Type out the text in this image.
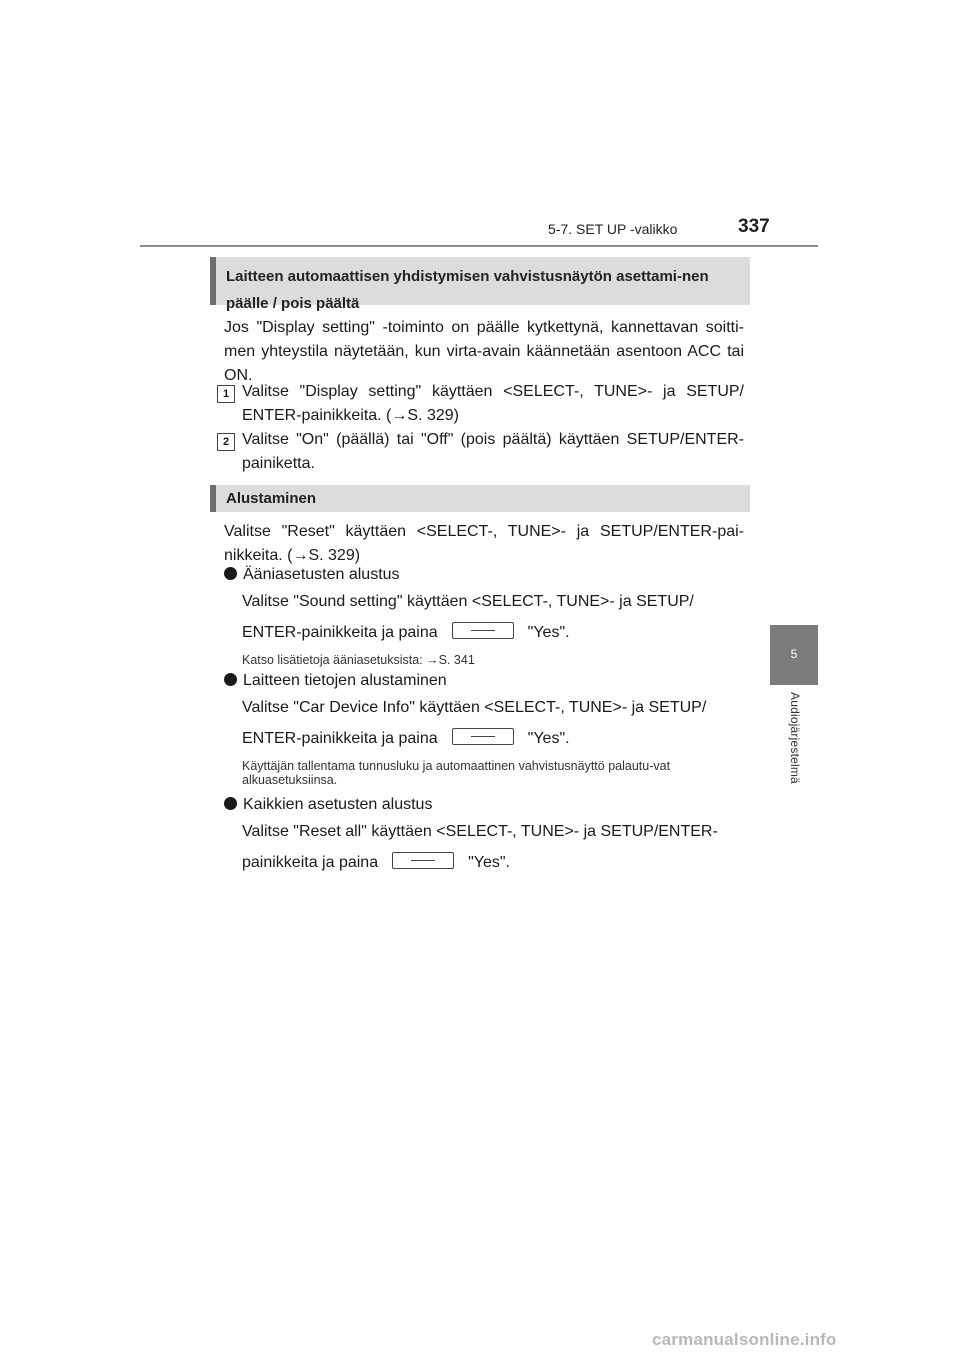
5-7. SET UP -valikko	337
5
Audiojärjestelmä
Laitteen automaattisen yhdistymisen vahvistusnäytön asettami-nen päälle / pois päältä
Jos "Display setting" -toiminto on päälle kytkettynä, kannettavan soitti-men yhteystila näytetään, kun virta-avain käännetään asentoon ACC tai ON.
1 Valitse "Display setting" käyttäen <SELECT-, TUNE>- ja SETUP/ ENTER-painikkeita. (→S. 329)
2 Valitse "On" (päällä) tai "Off" (pois päältä) käyttäen SETUP/ENTER-painiketta.
Alustaminen
Valitse "Reset" käyttäen <SELECT-, TUNE>- ja SETUP/ENTER-pai-nikkeita. (→S. 329)
Ääniasetusten alustus
Valitse "Sound setting" käyttäen <SELECT-, TUNE>- ja SETUP/
ENTER-painikkeita ja paina	"Yes".
Katso lisätietoja ääniasetuksista: →S. 341
Laitteen tietojen alustaminen
Valitse "Car Device Info" käyttäen <SELECT-, TUNE>- ja SETUP/
ENTER-painikkeita ja paina	"Yes".
Käyttäjän tallentama tunnusluku ja automaattinen vahvistusnäyttö palautu-vat alkuasetuksiinsa.
Kaikkien asetusten alustus
Valitse "Reset all" käyttäen <SELECT-, TUNE>- ja SETUP/ENTER-
painikkeita ja paina	"Yes".
carmanualsonline.info
